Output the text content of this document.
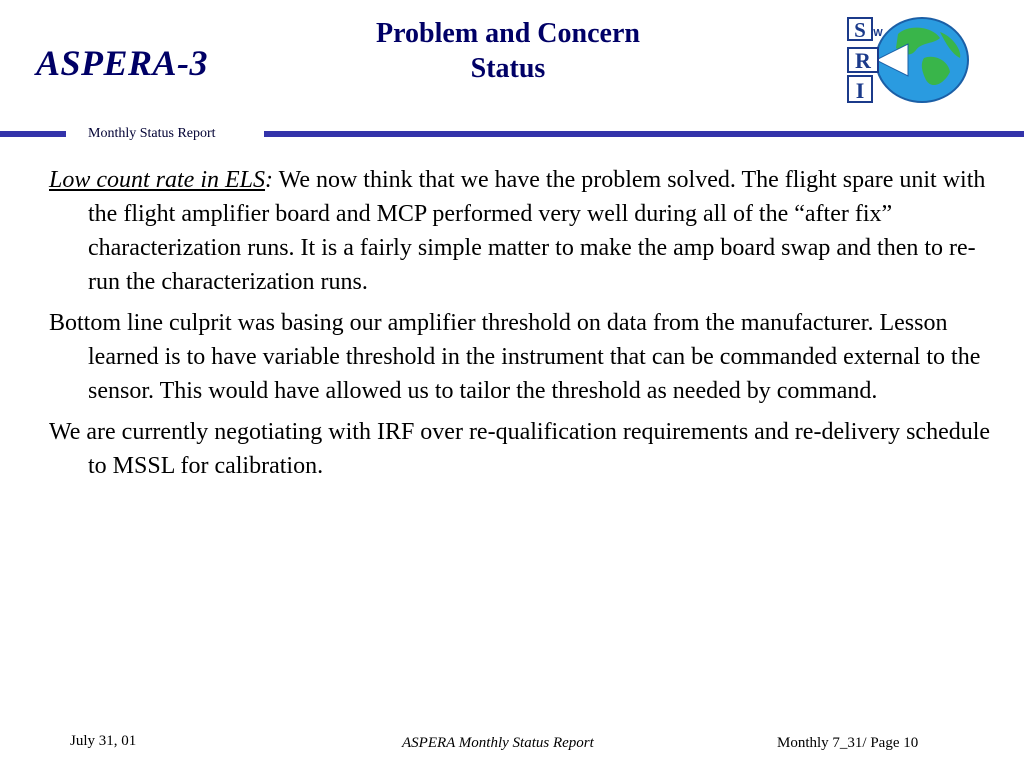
ASPERA-3
Problem and Concern
Status
S W
R
I
Monthly Status Report

Low count rate in ELS: We now think that we have the problem solved. The flight spare unit with the flight amplifier board and MCP performed very well during all of the “after fix” characterization runs. It is a fairly simple matter to make the amp board swap and then to re-run the characterization runs.

Bottom line culprit was basing our amplifier threshold on data from the manufacturer. Lesson learned is to have variable threshold in the instrument that can be commanded external to the sensor. This would have allowed us to tailor the threshold as needed by command.

We are currently negotiating with IRF over re-qualification requirements and re-delivery schedule to MSSL for calibration.

July 31, 01	ASPERA Monthly Status Report	Monthly 7_31/ Page 10
